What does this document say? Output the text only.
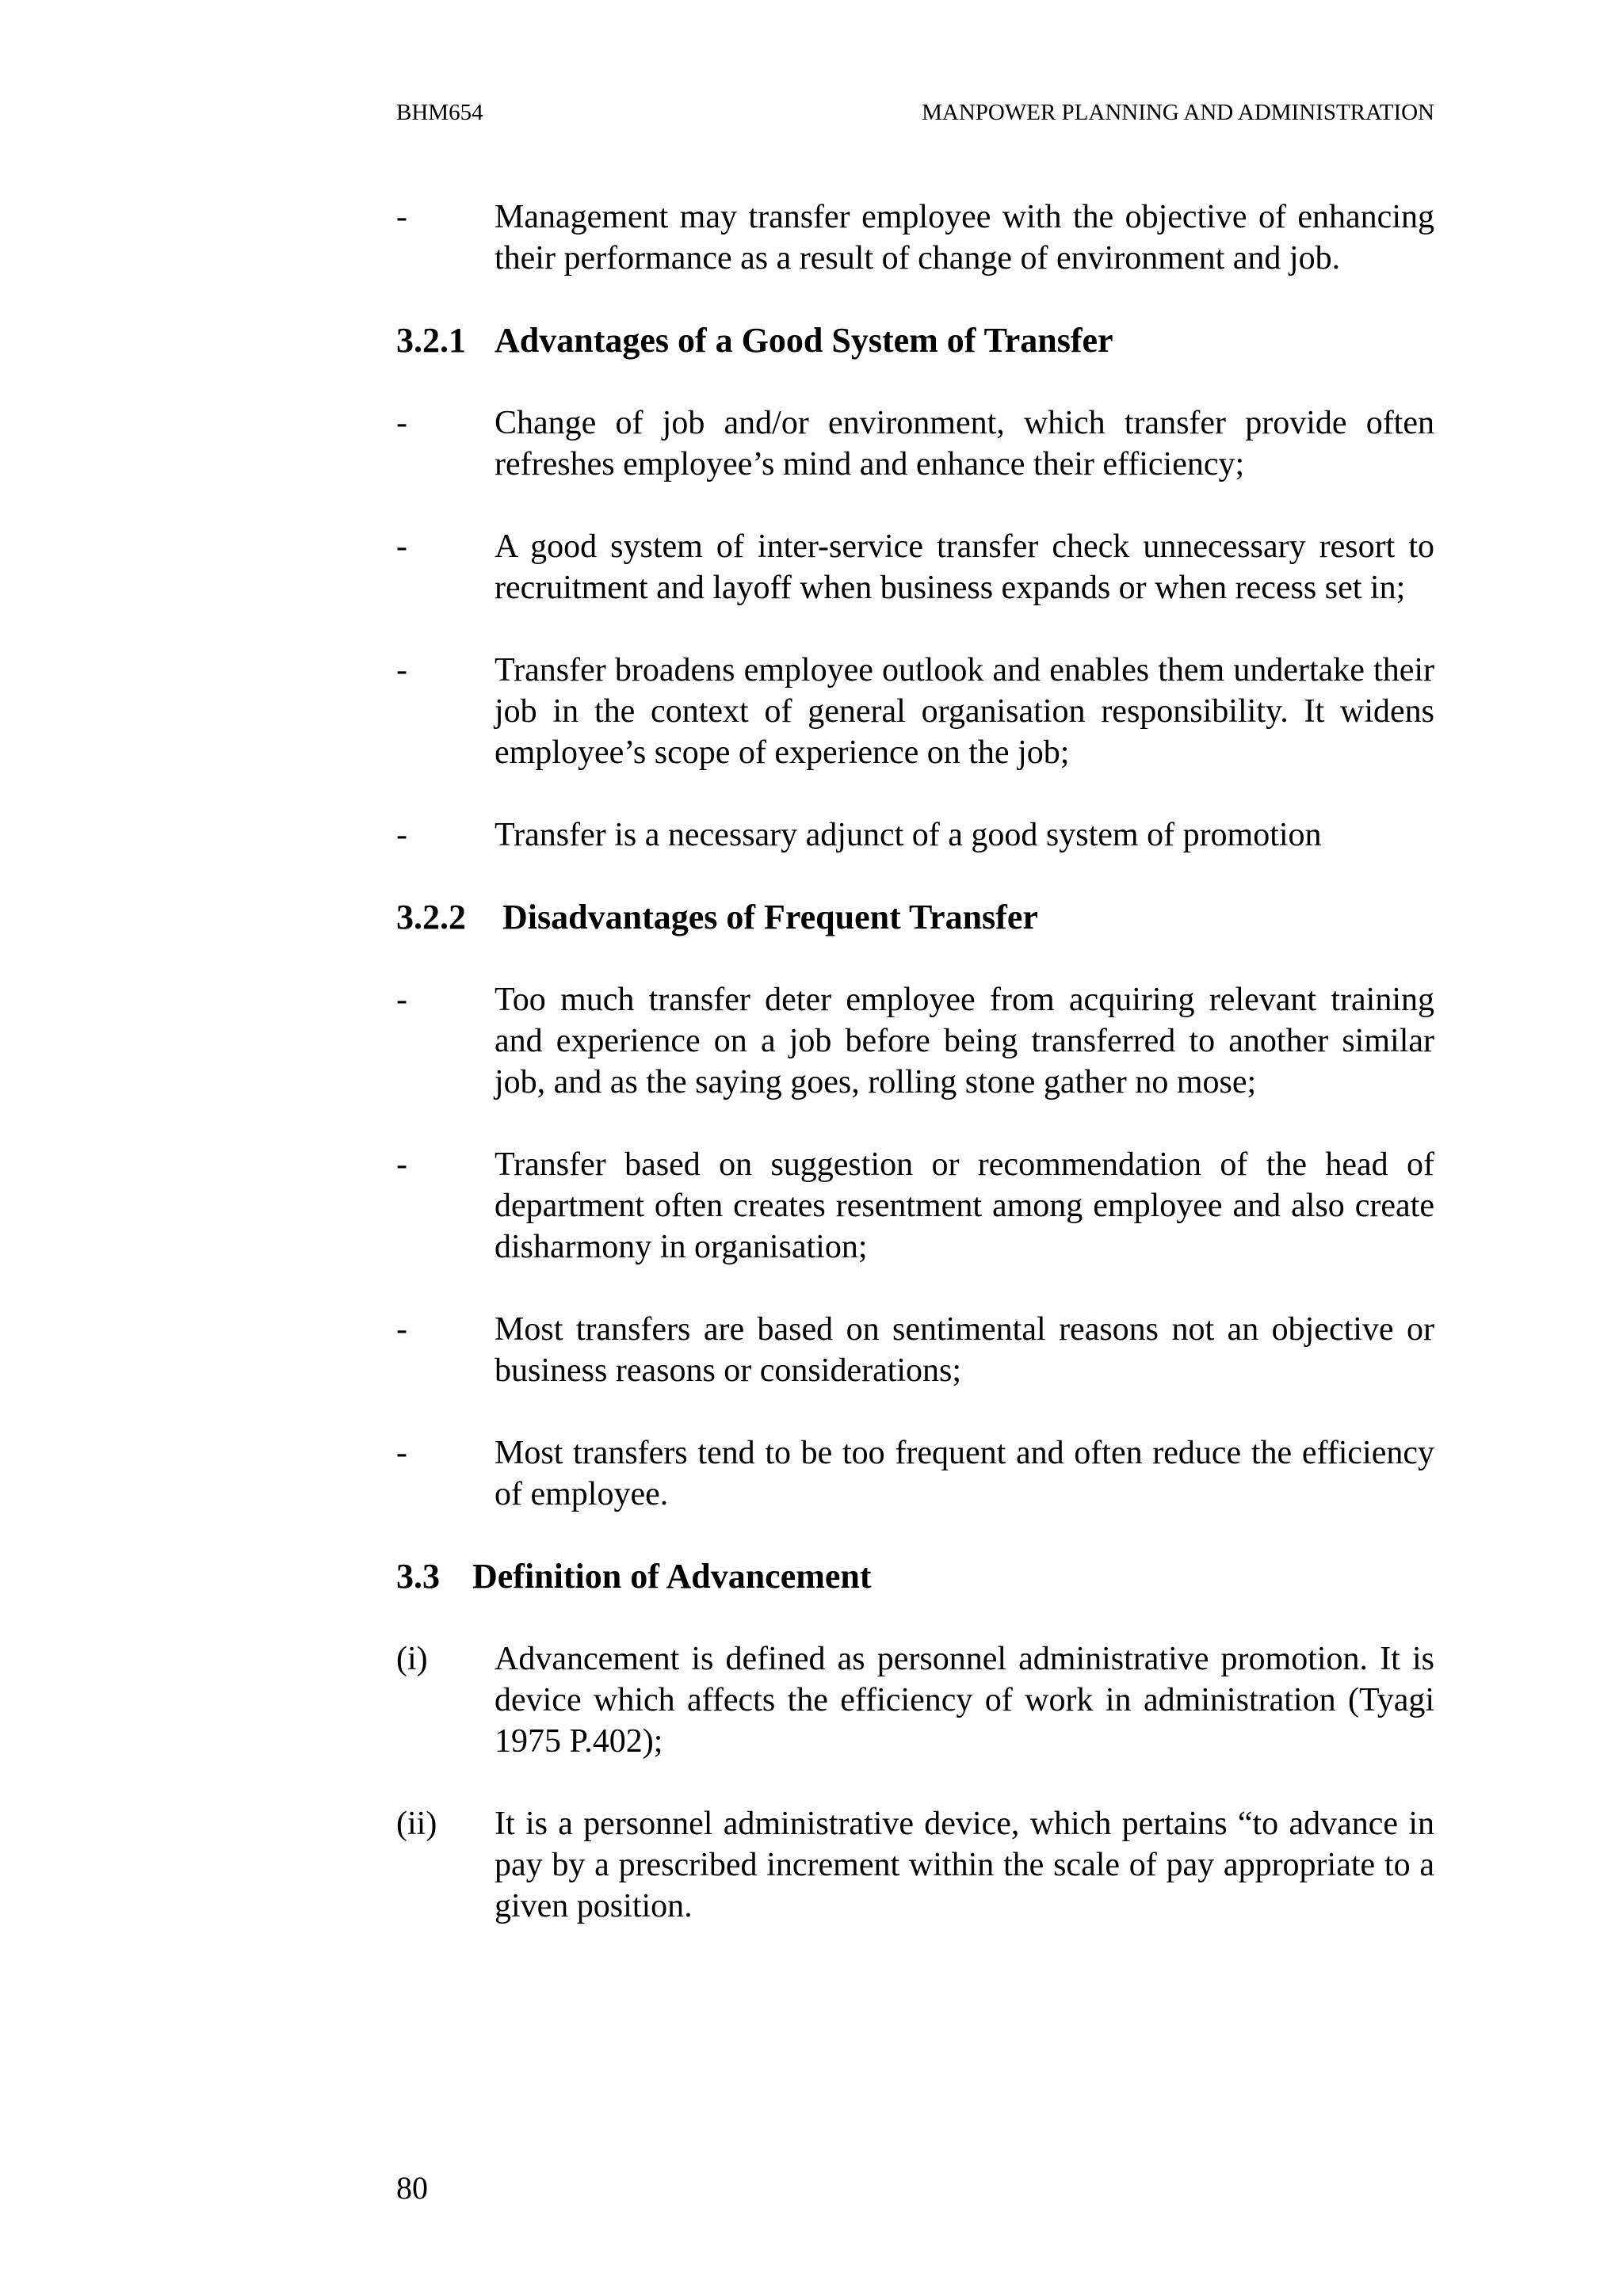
BHM654	MANPOWER PLANNING AND ADMINISTRATION
-	Management may transfer employee with the objective of enhancing their performance as a result of change of environment and job.
3.2.1 Advantages of a Good System of Transfer
-	Change of job and/or environment, which transfer provide often refreshes employee’s mind and enhance their efficiency;
-	A good system of inter-service transfer check unnecessary resort to recruitment and layoff when business expands or when recess set in;
-	Transfer broadens employee outlook and enables them undertake their job in the context of general organisation responsibility. It widens employee’s scope of experience on the job;
-	Transfer is a necessary adjunct of a good system of promotion
3.2.2 Disadvantages of Frequent Transfer
-	Too much transfer deter employee from acquiring relevant training and experience on a job before being transferred to another similar job, and as the saying goes, rolling stone gather no mose;
-	Transfer based on suggestion or recommendation of the head of department often creates resentment among employee and also create disharmony in organisation;
-	Most transfers are based on sentimental reasons not an objective or business reasons or considerations;
-	Most transfers tend to be too frequent and often reduce the efficiency of employee.
3.3 Definition of Advancement
(i) Advancement is defined as personnel administrative promotion. It is device which affects the efficiency of work in administration (Tyagi 1975 P.402);
(ii) It is a personnel administrative device, which pertains “to advance in pay by a prescribed increment within the scale of pay appropriate to a given position.
80
